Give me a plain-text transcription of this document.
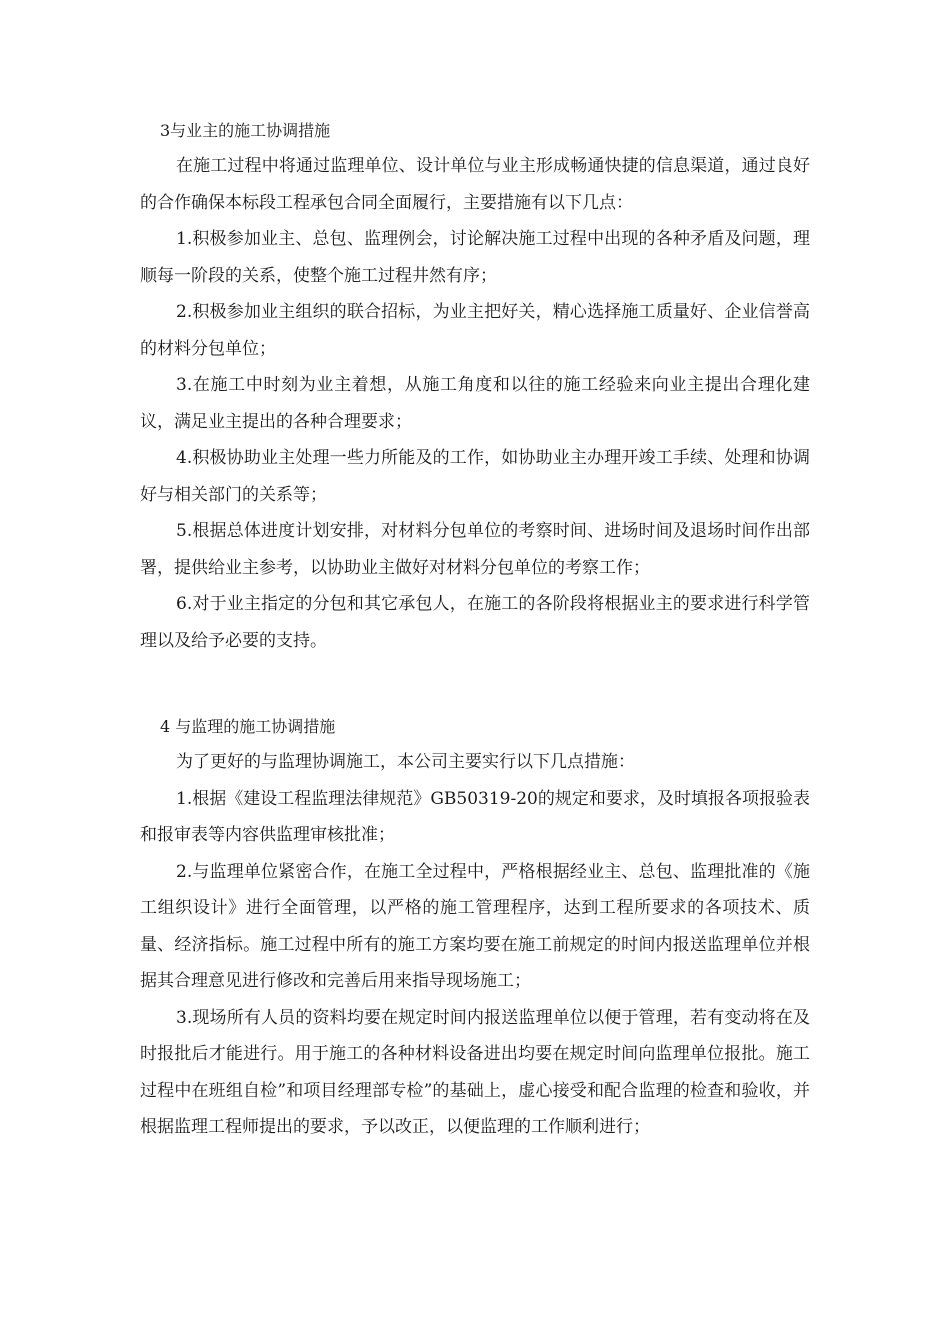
3与业主的施工协调措施

在施工过程中将通过监理单位、设计单位与业主形成畅通快捷的信息渠道，通过良好的合作确保本标段工程承包合同全面履行，主要措施有以下几点：

1.积极参加业主、总包、监理例会，讨论解决施工过程中出现的各种矛盾及问题，理顺每一阶段的关系，使整个施工过程井然有序；

2.积极参加业主组织的联合招标，为业主把好关，精心选择施工质量好、企业信誉高的材料分包单位；

3.在施工中时刻为业主着想，从施工角度和以往的施工经验来向业主提出合理化建议，满足业主提出的各种合理要求；

4.积极协助业主处理一些力所能及的工作，如协助业主办理开竣工手续、处理和协调好与相关部门的关系等；

5.根据总体进度计划安排，对材料分包单位的考察时间、进场时间及退场时间作出部署，提供给业主参考，以协助业主做好对材料分包单位的考察工作；

6.对于业主指定的分包和其它承包人，在施工的各阶段将根据业主的要求进行科学管理以及给予必要的支持。

4 与监理的施工协调措施

为了更好的与监理协调施工，本公司主要实行以下几点措施：

1.根据《建设工程监理法律规范》GB50319-20的规定和要求，及时填报各项报验表和报审表等内容供监理审核批准；

2.与监理单位紧密合作，在施工全过程中，严格根据经业主、总包、监理批准的《施工组织设计》进行全面管理，以严格的施工管理程序，达到工程所要求的各项技术、质量、经济指标。施工过程中所有的施工方案均要在施工前规定的时间内报送监理单位并根据其合理意见进行修改和完善后用来指导现场施工；

3.现场所有人员的资料均要在规定时间内报送监理单位以便于管理，若有变动将在及时报批后才能进行。用于施工的各种材料设备进出均要在规定时间向监理单位报批。施工过程中在班组自检”和项目经理部专检”的基础上，虚心接受和配合监理的检查和验收，并根据监理工程师提出的要求，予以改正，以便监理的工作顺利进行；
